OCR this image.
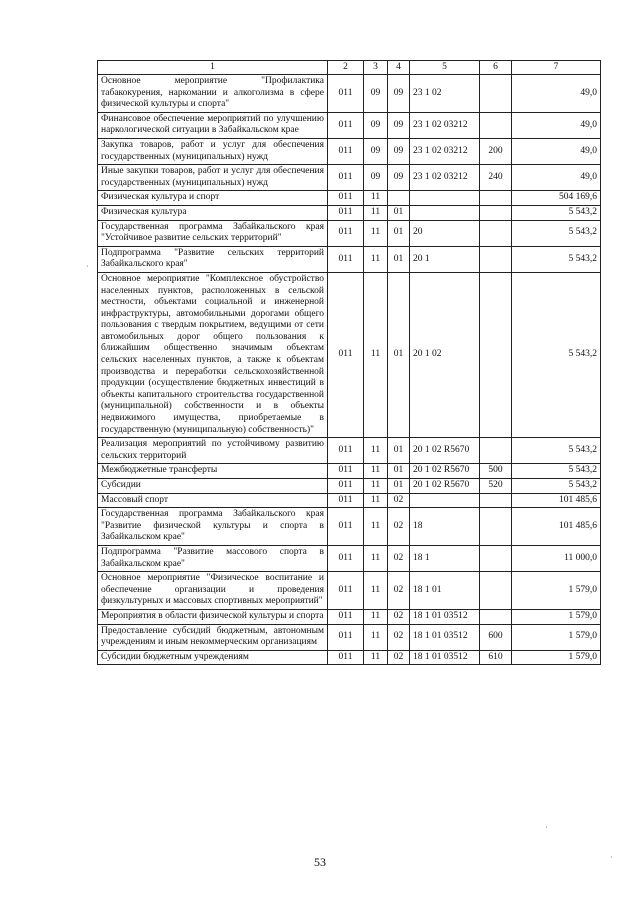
1	2	3	4	5	6	7
Основное мероприятие "Профилактика табакокурения, наркомании и алкоголизма в сфере физической культуры и спорта"	011	09	09	23 1 02		49,0
Финансовое обеспечение мероприятий по улучшению наркологической ситуации в Забайкальском крае	011	09	09	23 1 02 03212		49,0
Закупка товаров, работ и услуг для обеспечения государственных (муниципальных) нужд	011	09	09	23 1 02 03212	200	49,0
Иные закупки товаров, работ и услуг для обеспечения государственных (муниципальных) нужд	011	09	09	23 1 02 03212	240	49,0
Физическая культура и спорт	011	11				504 169,6
Физическая культура	011	11	01			5 543,2
Государственная программа Забайкальского края "Устойчивое развитие сельских территорий"	011	11	01	20		5 543,2
Подпрограмма "Развитие сельских территорий Забайкальского края"	011	11	01	20 1		5 543,2
Основное мероприятие "Комплексное обустройство населенных пунктов, расположенных в сельской местности, объектами социальной и инженерной инфраструктуры, автомобильными дорогами общего пользования с твердым покрытием, ведущими от сети автомобильных дорог общего пользования к ближайшим общественно значимым объектам сельских населенных пунктов, а также к объектам производства и переработки сельскохозяйственной продукции (осуществление бюджетных инвестиций в объекты капитального строительства государственной (муниципальной) собственности и в объекты недвижимого имущества, приобретаемые в государственную (муниципальную) собственность)"	011	11	01	20 1 02		5 543,2
Реализация мероприятий по устойчивому развитию сельских территорий	011	11	01	20 1 02 R5670		5 543,2
Межбюджетные трансферты	011	11	01	20 1 02 R5670	500	5 543,2
Субсидии	011	11	01	20 1 02 R5670	520	5 543,2
Массовый спорт	011	11	02			101 485,6
Государственная программа Забайкальского края "Развитие физической культуры и спорта в Забайкальском крае"	011	11	02	18		101 485,6
Подпрограмма "Развитие массового спорта в Забайкальском крае"	011	11	02	18 1		11 000,0
Основное мероприятие "Физическое воспитание и обеспечение организации и проведения физкультурных и массовых спортивных мероприятий"	011	11	02	18 1 01		1 579,0
Мероприятия в области физической культуры и спорта	011	11	02	18 1 01 03512		1 579,0
Предоставление субсидий бюджетным, автономным учреждениям и иным некоммерческим организациям	011	11	02	18 1 01 03512	600	1 579,0
Субсидии бюджетным учреждениям	011	11	02	18 1 01 03512	610	1 579,0
53
·
·
·
